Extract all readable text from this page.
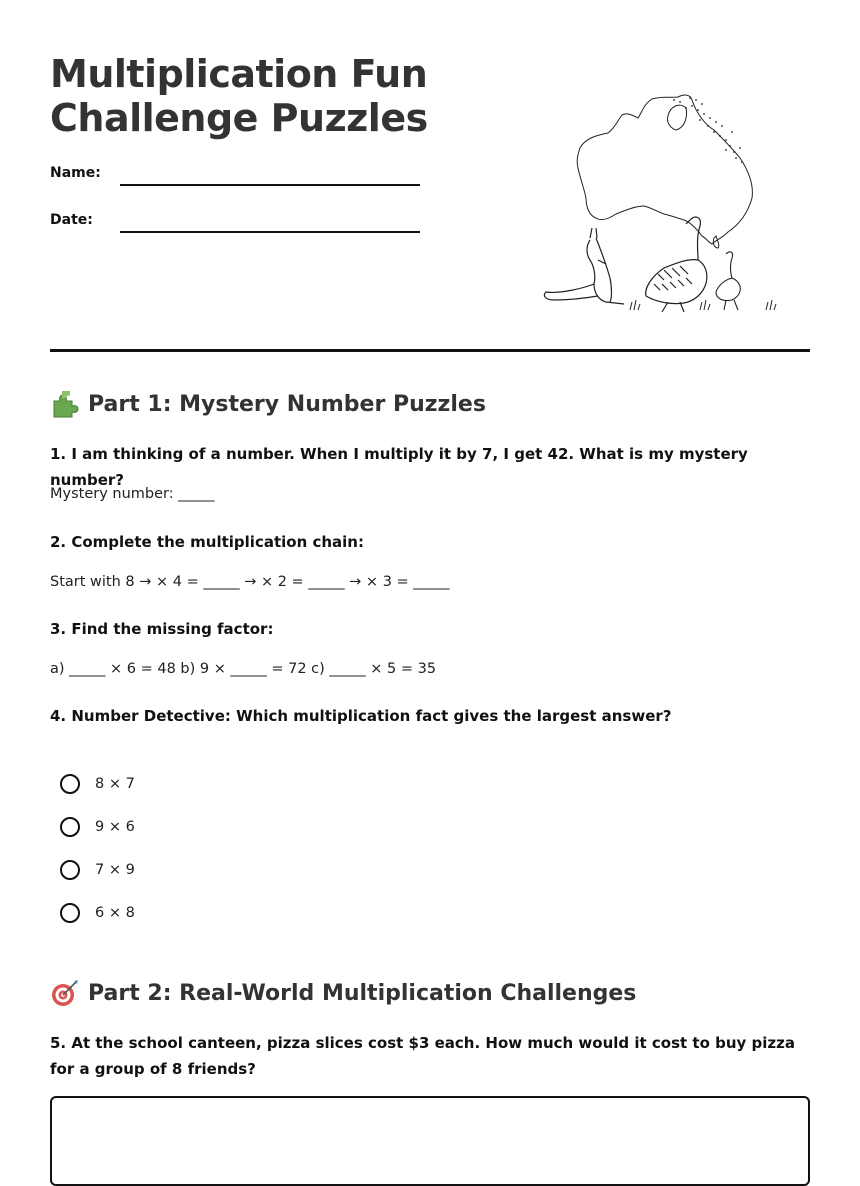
Multiplication Fun
Challenge Puzzles
Name:
Date:
Part 1: Mystery Number Puzzles
1. I am thinking of a number. When I multiply it by 7, I get 42. What is my mystery number?
Mystery number: _____
2. Complete the multiplication chain:
Start with 8 → × 4 = _____ → × 2 = _____ → × 3 = _____
3. Find the missing factor:
a) _____ × 6 = 48 b) 9 × _____ = 72 c) _____ × 5 = 35
4. Number Detective: Which multiplication fact gives the largest answer?
8 × 7
9 × 6
7 × 9
6 × 8
Part 2: Real-World Multiplication Challenges
5. At the school canteen, pizza slices cost $3 each. How much would it cost to buy pizza for a group of 8 friends?
